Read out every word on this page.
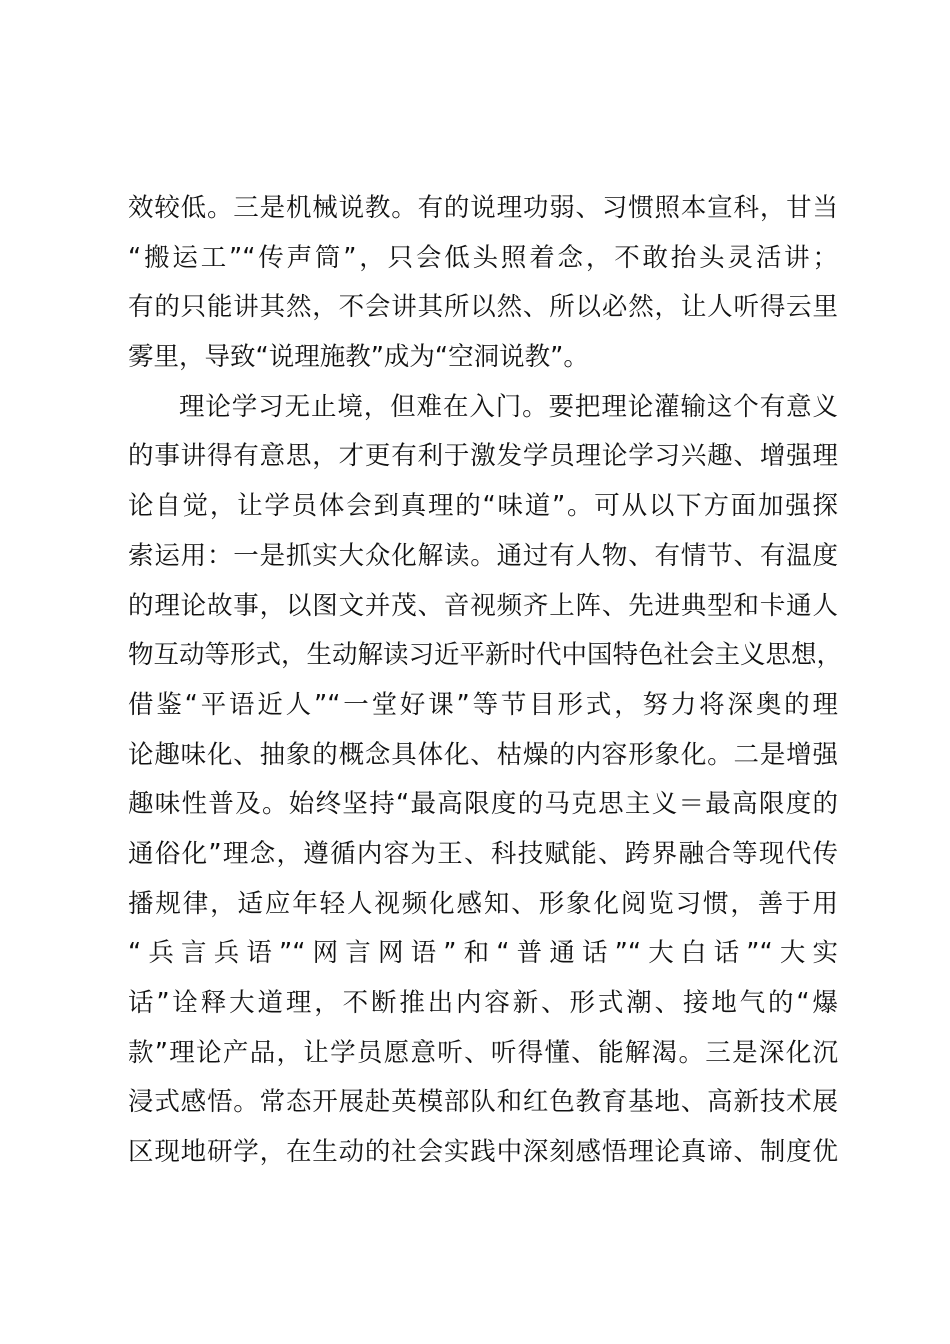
效较低。三是机械说教。有的说理功弱、习惯照本宣科，甘当
“搬运工”“传声筒”，只会低头照着念，不敢抬头灵活讲；
有的只能讲其然，不会讲其所以然、所以必然，让人听得云里
雾里，导致“说理施教”成为“空洞说教”。
理论学习无止境，但难在入门。要把理论灌输这个有意义
的事讲得有意思，才更有利于激发学员理论学习兴趣、增强理
论自觉，让学员体会到真理的“味道”。可从以下方面加强探
索运用：一是抓实大众化解读。通过有人物、有情节、有温度
的理论故事，以图文并茂、音视频齐上阵、先进典型和卡通人
物互动等形式，生动解读习近平新时代中国特色社会主义思想，
借鉴“平语近人”“一堂好课”等节目形式，努力将深奥的理
论趣味化、抽象的概念具体化、枯燥的内容形象化。二是增强
趣味性普及。始终坚持“最高限度的马克思主义＝最高限度的
通俗化”理念，遵循内容为王、科技赋能、跨界融合等现代传
播规律，适应年轻人视频化感知、形象化阅览习惯，善于用
“兵言兵语”“网言网语”和“普通话”“大白话”“大实
话”诠释大道理，不断推出内容新、形式潮、接地气的“爆
款”理论产品，让学员愿意听、听得懂、能解渴。三是深化沉
浸式感悟。常态开展赴英模部队和红色教育基地、高新技术展
区现地研学，在生动的社会实践中深刻感悟理论真谛、制度优
